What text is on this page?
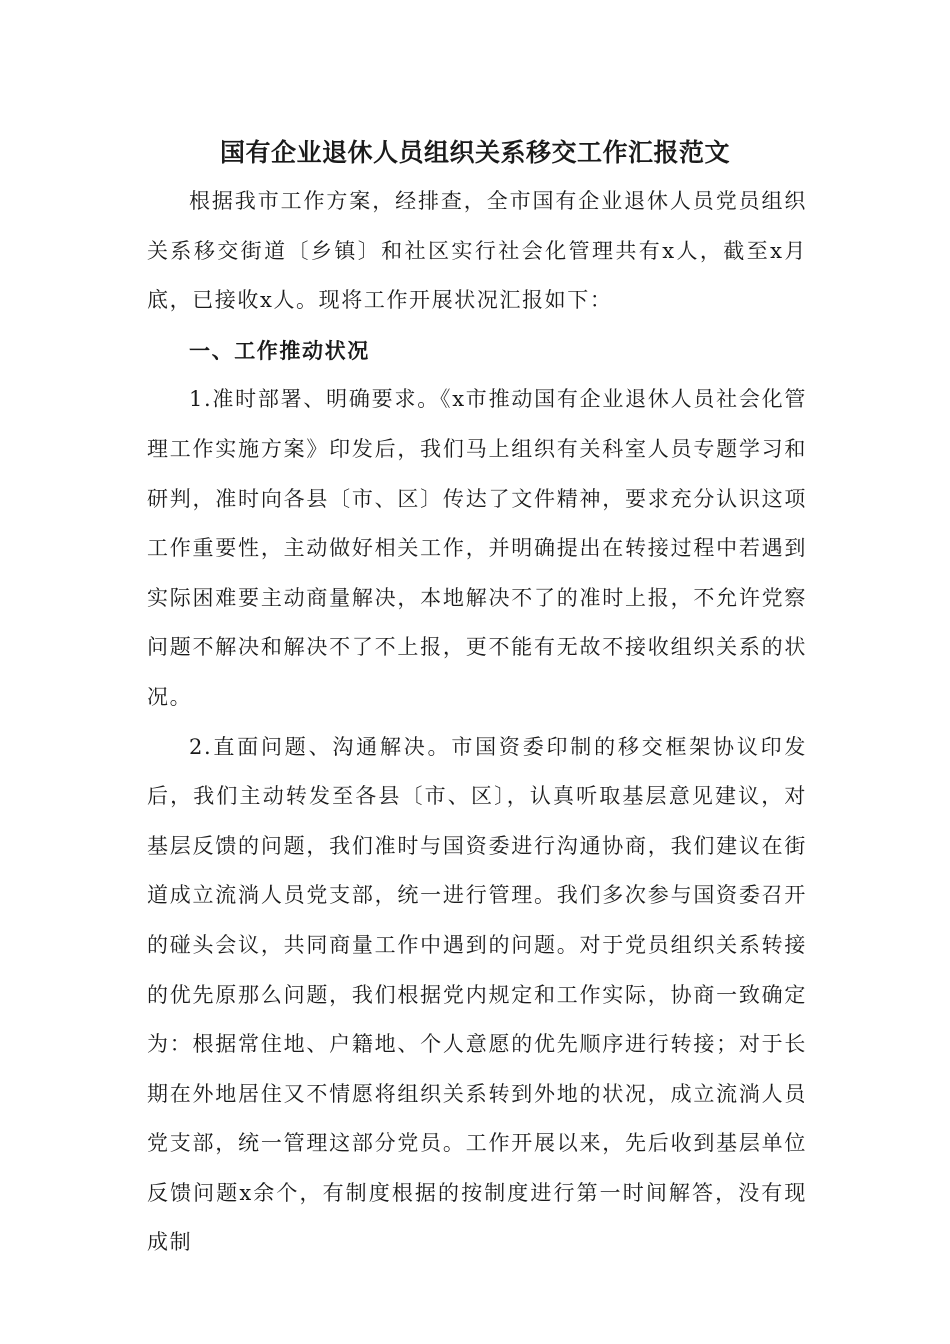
国有企业退休人员组织关系移交工作汇报范文

根据我市工作方案，经排查，全市国有企业退休人员党员组织关系移交街道〔乡镇〕和社区实行社会化管理共有x人，截至x月底，已接收x人。现将工作开展状况汇报如下：

一、工作推动状况

1.准时部署、明确要求。《x市推动国有企业退休人员社会化管理工作实施方案》印发后，我们马上组织有关科室人员专题学习和研判，准时向各县〔市、区〕传达了文件精神，要求充分认识这项工作重要性，主动做好相关工作，并明确提出在转接过程中若遇到实际困难要主动商量解决，本地解决不了的准时上报，不允许党察问题不解决和解决不了不上报，更不能有无故不接收组织关系的状况。

2.直面问题、沟通解决。市国资委印制的移交框架协议印发后，我们主动转发至各县〔市、区〕，认真听取基层意见建议，对基层反馈的问题，我们准时与国资委进行沟通协商，我们建议在街道成立流淌人员党支部，统一进行管理。我们多次参与国资委召开的碰头会议，共同商量工作中遇到的问题。对于党员组织关系转接的优先原那么问题，我们根据党内规定和工作实际，协商一致确定为：根据常住地、户籍地、个人意愿的优先顺序进行转接；对于长期在外地居住又不情愿将组织关系转到外地的状况，成立流淌人员党支部，统一管理这部分党员。工作开展以来，先后收到基层单位反馈问题x余个，有制度根据的按制度进行第一时间解答，没有现成制
